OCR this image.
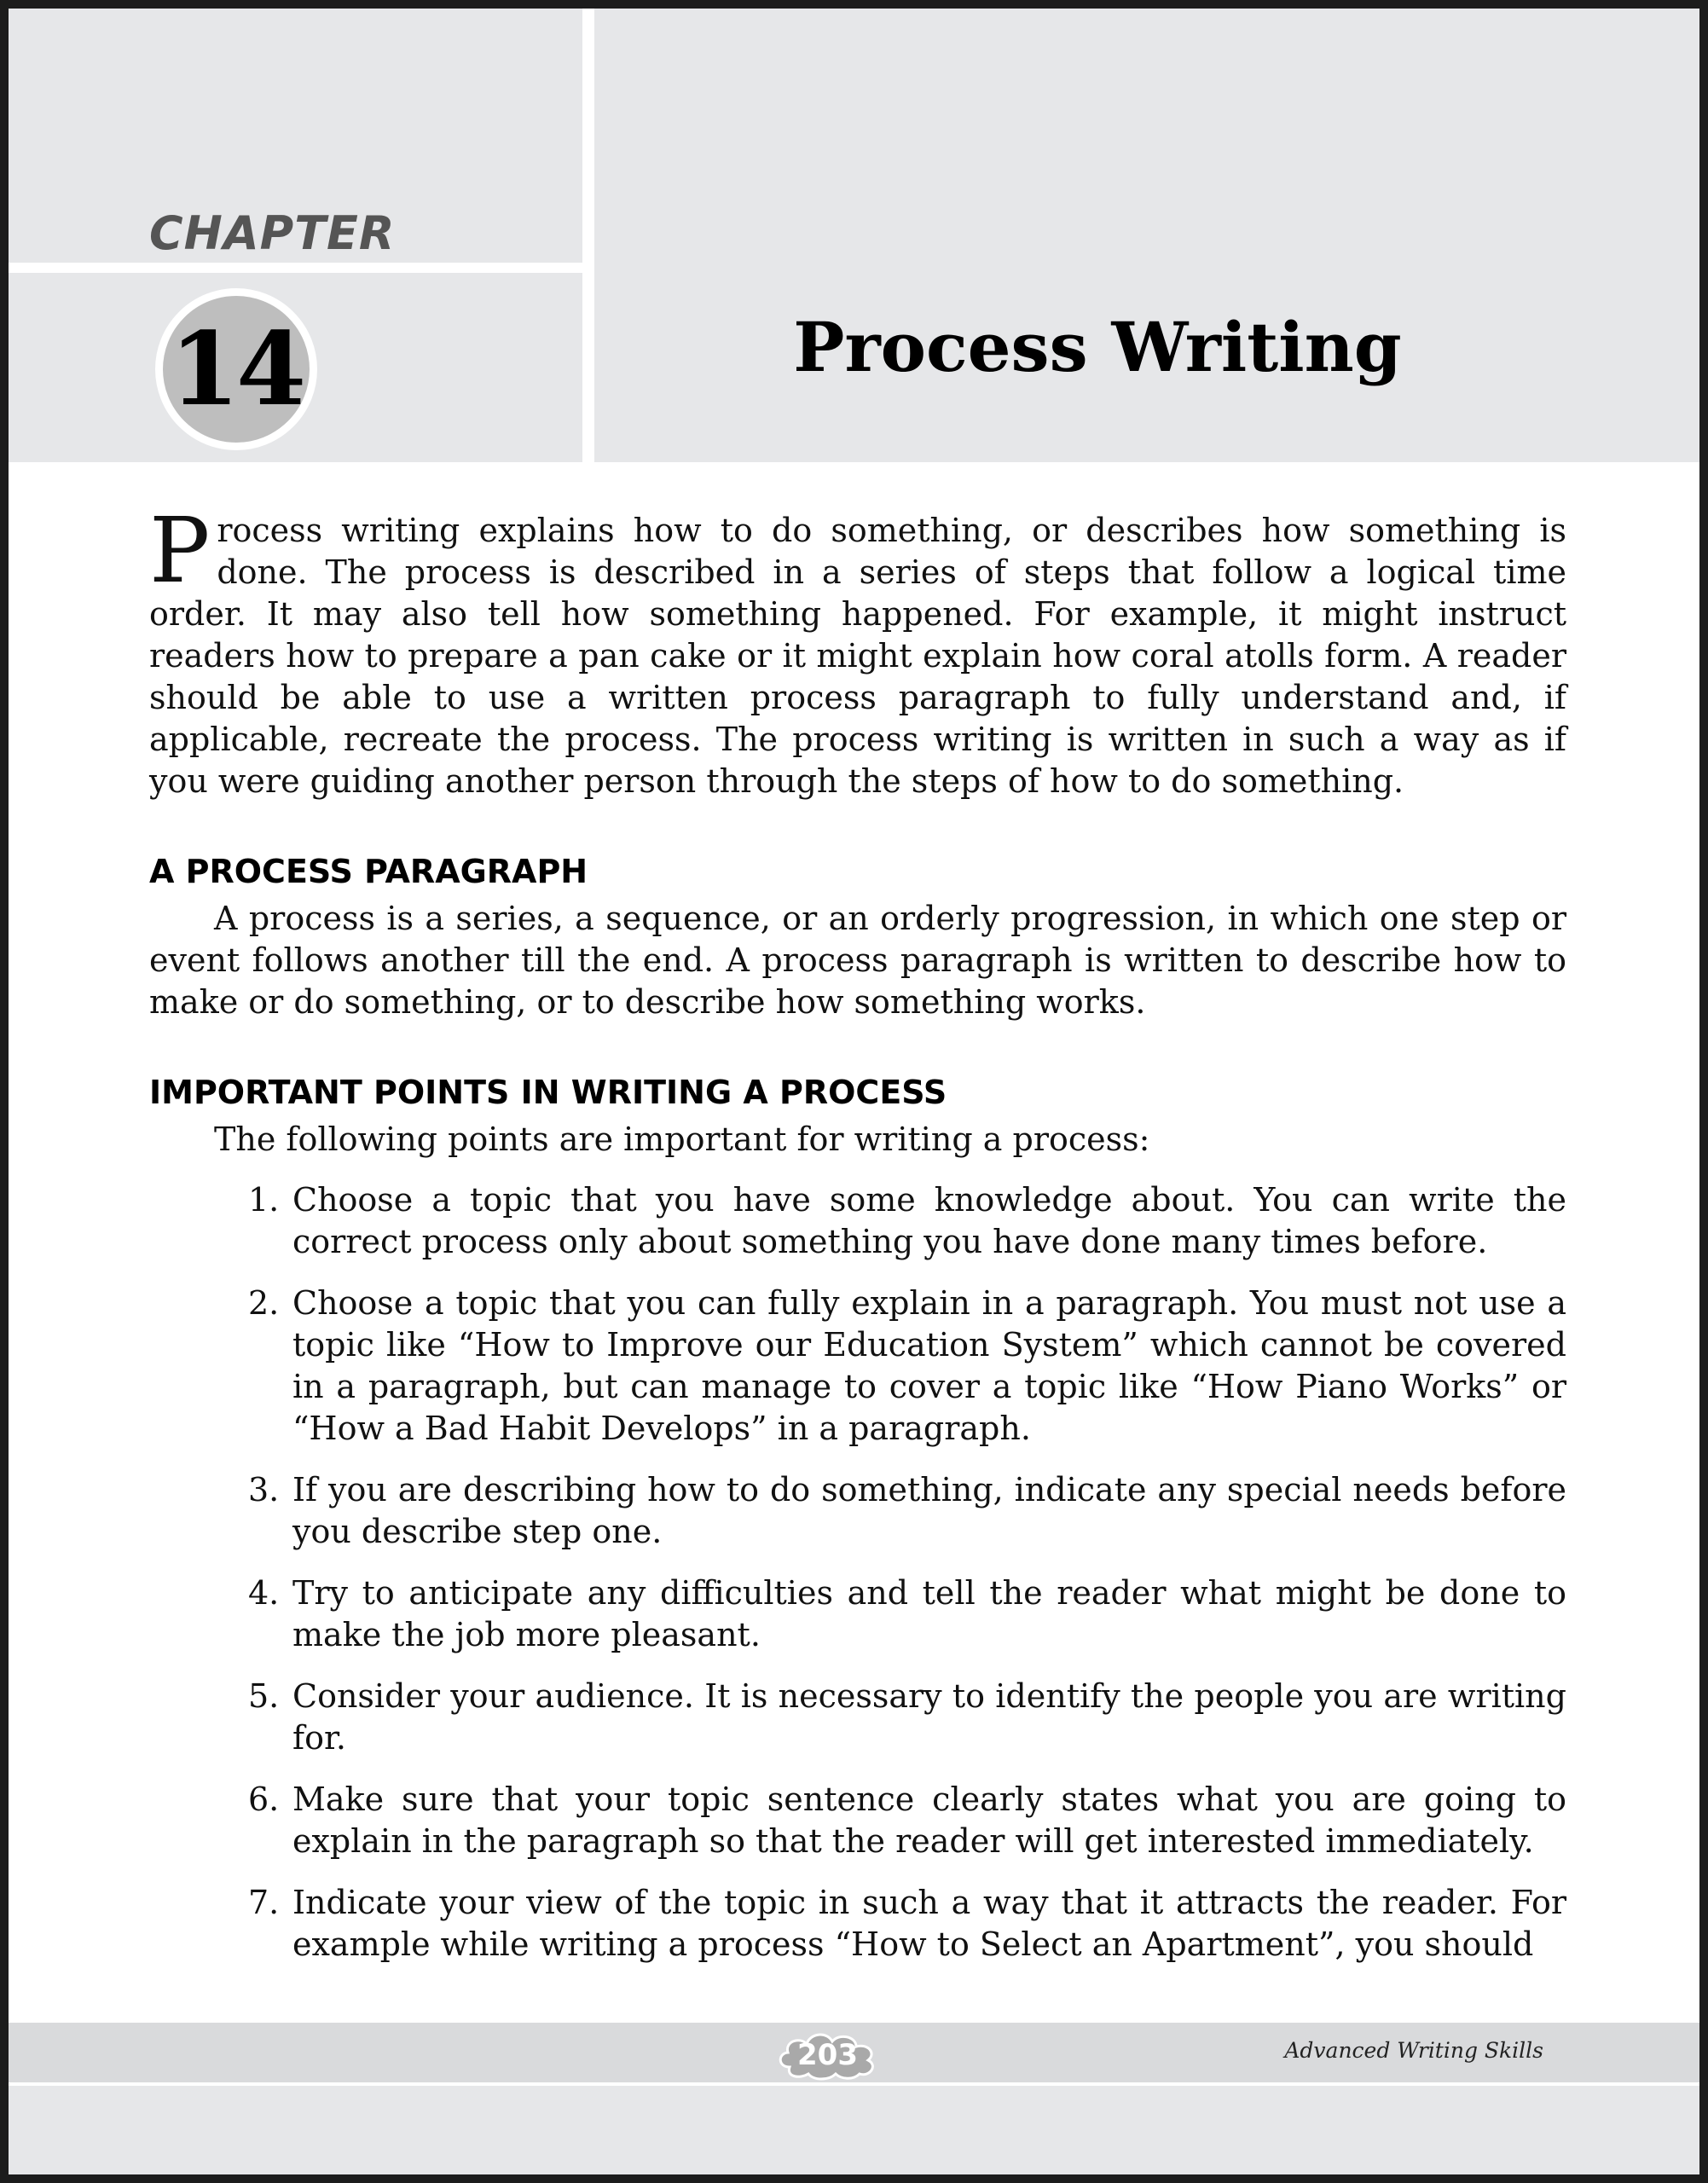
CHAPTER
14	Process Writing

Process writing explains how to do something, or describes how something is done. The process is described in a series of steps that follow a logical time order. It may also tell how something happened. For example, it might instruct readers how to prepare a pan cake or it might explain how coral atolls form. A reader should be able to use a written process paragraph to fully understand and, if applicable, recreate the process. The process writing is written in such a way as if you were guiding another person through the steps of how to do something.

A PROCESS PARAGRAPH

A process is a series, a sequence, or an orderly progression, in which one step or event follows another till the end. A process paragraph is written to describe how to make or do something, or to describe how something works.

IMPORTANT POINTS IN WRITING A PROCESS

The following points are important for writing a process:

1. Choose a topic that you have some knowledge about. You can write the correct process only about something you have done many times before.
2. Choose a topic that you can fully explain in a paragraph. You must not use a topic like “How to Improve our Education System” which cannot be covered in a paragraph, but can manage to cover a topic like “How Piano Works” or “How a Bad Habit Develops” in a paragraph.
3. If you are describing how to do something, indicate any special needs before you describe step one.
4. Try to anticipate any difficulties and tell the reader what might be done to make the job more pleasant.
5. Consider your audience. It is necessary to identify the people you are writing for.
6. Make sure that your topic sentence clearly states what you are going to explain in the paragraph so that the reader will get interested immediately.
7. Indicate your view of the topic in such a way that it attracts the reader. For example while writing a process “How to Select an Apartment”, you should
203	Advanced Writing Skills
